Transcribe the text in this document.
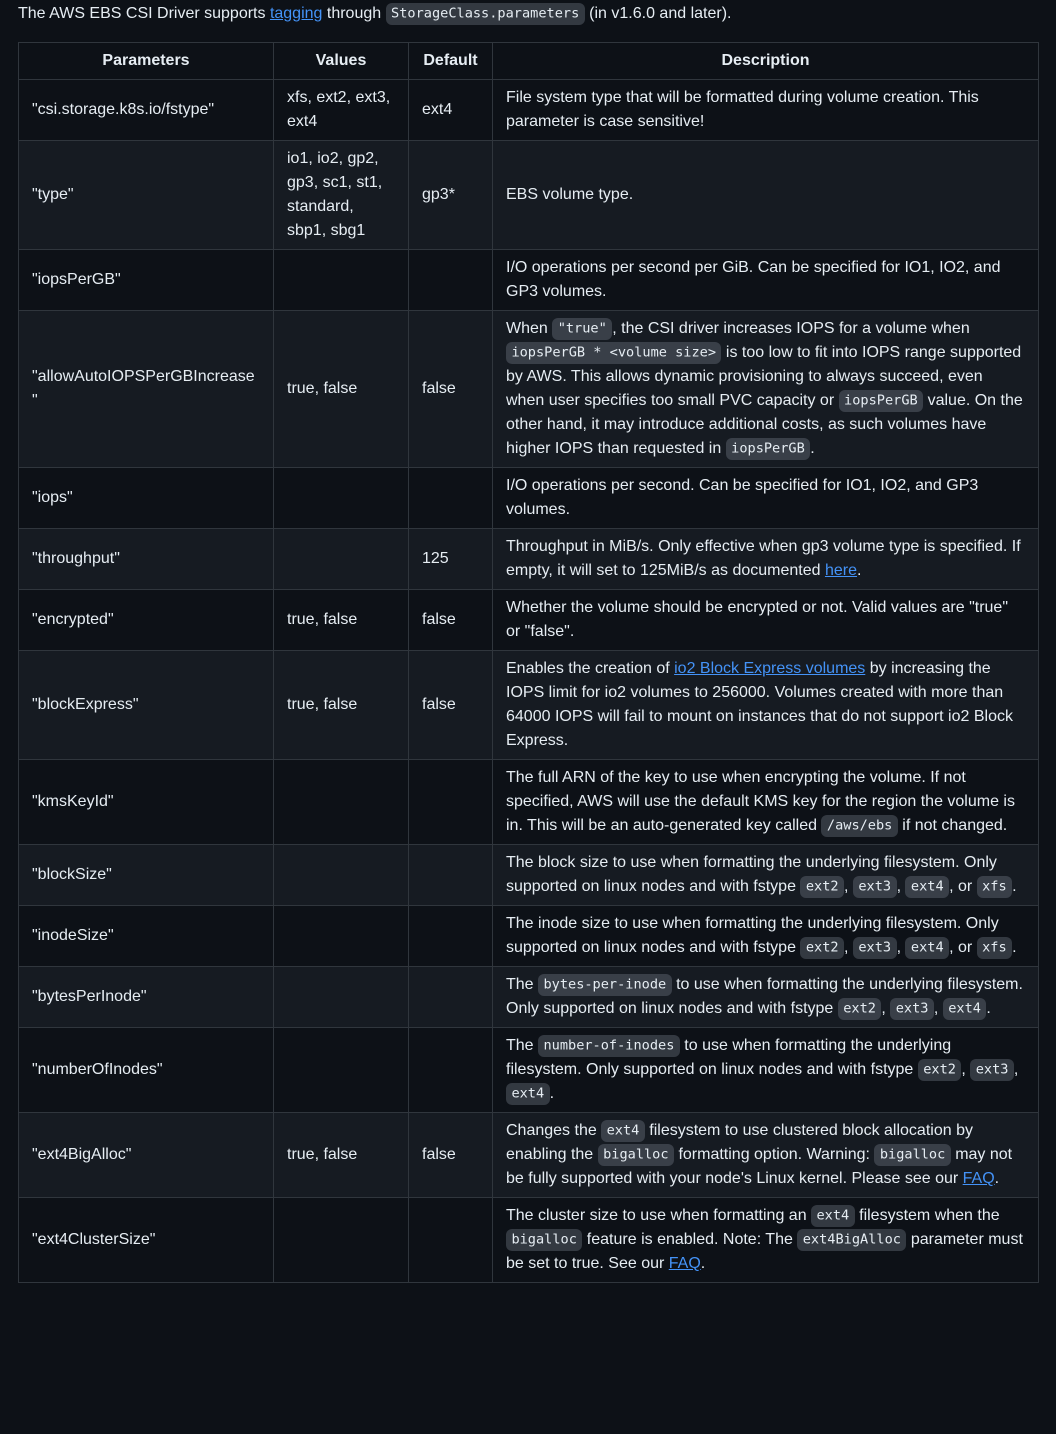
The AWS EBS CSI Driver supports tagging through StorageClass.parameters (in v1.6.0 and later).

Parameters	Values	Default	Description
"csi.storage.k8s.io/fstype"	xfs, ext2, ext3, ext4	ext4	File system type that will be formatted during volume creation. This parameter is case sensitive!
"type"	io1, io2, gp2, gp3, sc1, st1, standard, sbp1, sbg1	gp3*	EBS volume type.
"iopsPerGB"			I/O operations per second per GiB. Can be specified for IO1, IO2, and GP3 volumes.
"allowAutoIOPSPerGBIncrease"	true, false	false	When "true" , the CSI driver increases IOPS for a volume when iopsPerGB * <volume size> is too low to fit into IOPS range supported by AWS. This allows dynamic provisioning to always succeed, even when user specifies too small PVC capacity or iopsPerGB value. On the other hand, it may introduce additional costs, as such volumes have higher IOPS than requested in iopsPerGB .
"iops"			I/O operations per second. Can be specified for IO1, IO2, and GP3 volumes.
"throughput"		125	Throughput in MiB/s. Only effective when gp3 volume type is specified. If empty, it will set to 125MiB/s as documented here.
"encrypted"	true, false	false	Whether the volume should be encrypted or not. Valid values are "true" or "false".
"blockExpress"	true, false	false	Enables the creation of io2 Block Express volumes by increasing the IOPS limit for io2 volumes to 256000. Volumes created with more than 64000 IOPS will fail to mount on instances that do not support io2 Block Express.
"kmsKeyId"			The full ARN of the key to use when encrypting the volume. If not specified, AWS will use the default KMS key for the region the volume is in. This will be an auto-generated key called /aws/ebs if not changed.
"blockSize"			The block size to use when formatting the underlying filesystem. Only supported on linux nodes and with fstype ext2 , ext3 , ext4 , or xfs .
"inodeSize"			The inode size to use when formatting the underlying filesystem. Only supported on linux nodes and with fstype ext2 , ext3 , ext4 , or xfs .
"bytesPerInode"			The bytes-per-inode to use when formatting the underlying filesystem. Only supported on linux nodes and with fstype ext2 , ext3 , ext4 .
"numberOfInodes"			The number-of-inodes to use when formatting the underlying filesystem. Only supported on linux nodes and with fstype ext2 , ext3 , ext4 .
"ext4BigAlloc"	true, false	false	Changes the ext4 filesystem to use clustered block allocation by enabling the bigalloc formatting option. Warning: bigalloc may not be fully supported with your node's Linux kernel. Please see our FAQ.
"ext4ClusterSize"			The cluster size to use when formatting an ext4 filesystem when the bigalloc feature is enabled. Note: The ext4BigAlloc parameter must be set to true. See our FAQ.
